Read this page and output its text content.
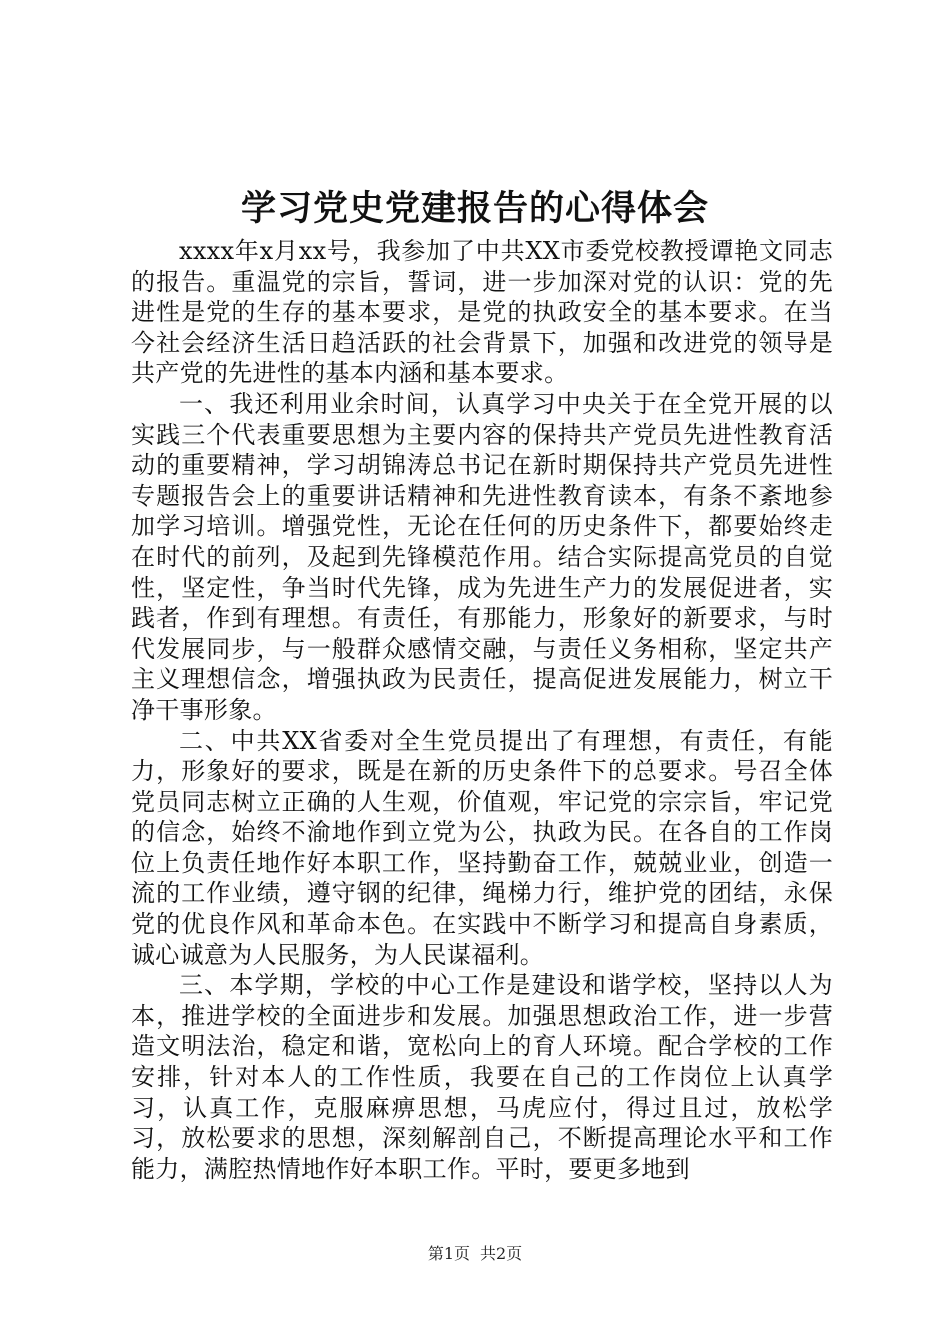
学习党史党建报告的心得体会

xxxx年x月xx号，我参加了中共XX市委党校教授谭艳文同志的报告。重温党的宗旨，誓词，进一步加深对党的认识：党的先进性是党的生存的基本要求，是党的执政安全的基本要求。在当今社会经济生活日趋活跃的社会背景下，加强和改进党的领导是共产党的先进性的基本内涵和基本要求。

一、我还利用业余时间，认真学习中央关于在全党开展的以实践三个代表重要思想为主要内容的保持共产党员先进性教育活动的重要精神，学习胡锦涛总书记在新时期保持共产党员先进性专题报告会上的重要讲话精神和先进性教育读本，有条不紊地参加学习培训。增强党性，无论在任何的历史条件下，都要始终走在时代的前列，及起到先锋模范作用。结合实际提高党员的自觉性，坚定性，争当时代先锋，成为先进生产力的发展促进者，实践者，作到有理想。有责任，有那能力，形象好的新要求，与时代发展同步，与一般群众感情交融，与责任义务相称，坚定共产主义理想信念，增强执政为民责任，提高促进发展能力，树立干净干事形象。

二、中共XX省委对全生党员提出了有理想，有责任，有能力，形象好的要求，既是在新的历史条件下的总要求。号召全体党员同志树立正确的人生观，价值观，牢记党的宗宗旨，牢记党的信念，始终不渝地作到立党为公，执政为民。在各自的工作岗位上负责任地作好本职工作，坚持勤奋工作，兢兢业业，创造一流的工作业绩，遵守钢的纪律，绳梯力行，维护党的团结，永保党的优良作风和革命本色。在实践中不断学习和提高自身素质，诚心诚意为人民服务，为人民谋福利。

三、本学期，学校的中心工作是建设和谐学校，坚持以人为本，推进学校的全面进步和发展。加强思想政治工作，进一步营造文明法治，稳定和谐，宽松向上的育人环境。配合学校的工作安排，针对本人的工作性质，我要在自己的工作岗位上认真学习，认真工作，克服麻痹思想，马虎应付，得过且过，放松学习，放松要求的思想，深刻解剖自己，不断提高理论水平和工作能力，满腔热情地作好本职工作。平时，要更多地到

第1页 共2页
